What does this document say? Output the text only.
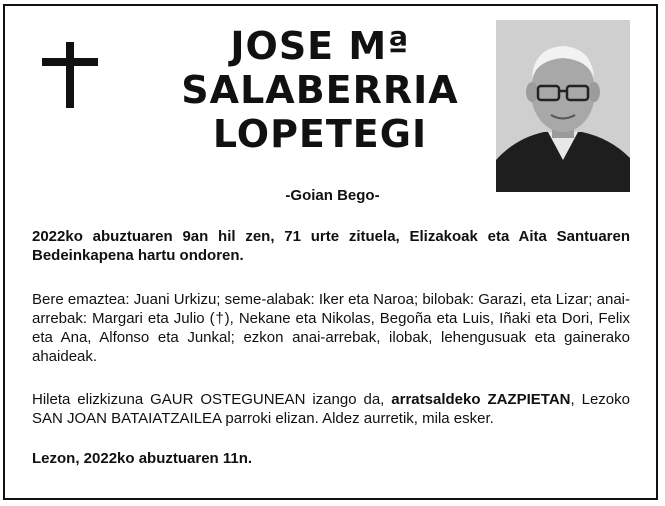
JOSE Mª
SALABERRIA
LOPETEGI
-Goian Bego-
2022ko abuztuaren 9an hil zen, 71 urte zituela, Elizakoak eta Aita Santuaren Bedeinkapena hartu ondoren.
Bere emaztea: Juani Urkizu; seme-alabak: Iker eta Naroa; bilobak: Garazi, eta Lizar; anai-arrebak: Margari eta Julio (†), Nekane eta Nikolas, Begoña eta Luis, Iñaki eta Dori, Felix eta Ana, Alfonso eta Junkal; ezkon anai-arrebak, ilobak, lehengusuak eta gainerako ahaideak.
Hileta elizkizuna GAUR OSTEGUNEAN izango da, arratsaldeko ZAZPIETAN, Lezoko SAN JOAN BATAIATZAILEA parroki elizan. Aldez aurretik, mila esker.
Lezon, 2022ko abuztuaren 11n.
